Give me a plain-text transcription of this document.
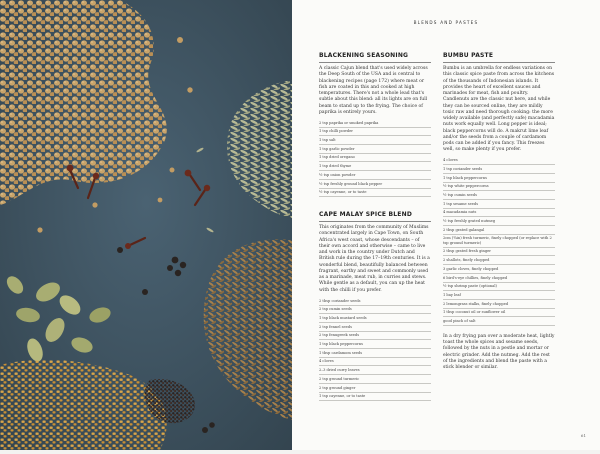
BLENDS AND PASTES
BLACKENING SEASONING

A classic Cajun blend that's used widely across the Deep South of the USA and is central to blackening recipes (page 172) where meat or fish are coated in this and cooked at high temperatures. There's not a whole lead that's subtle about this blend: all its lights are on full beam to stand up to the frying. The choice of paprika is entirely yours.

2 tsp paprika or smoked paprika
1 tsp chilli powder
1 tsp salt
1 tsp garlic powder
1 tsp dried oregano
1 tsp dried thyme
½ tsp onion powder
½ tsp freshly ground black pepper
½ tsp cayenne, or to taste
CAPE MALAY SPICE BLEND

This originates from the community of Muslims concentrated largely in Cape Town, on South Africa's west coast, whose descendants – of their own accord and otherwise – came to live and work in the country under Dutch and British rule during the 17–19th centuries. It is a wonderful blend, beautifully balanced between fragrant, earthy and sweet and commonly used as a marinade, meat rub, in curries and stews. While gentle as a default, you can up the heat with the chilli if you prefer.

2 tbsp coriander seeds
2 tsp cumin seeds
1 tsp black mustard seeds
2 tsp fennel seeds
2 tsp fenugreek seeds
1 tsp black peppercorns
1 tbsp cardamom seeds
4 cloves
2–3 dried curry leaves
2 tsp ground turmeric
2 tsp ground ginger
1 tsp cayenne, or to taste
BUMBU PASTE

Bumbu is an umbrella for endless variations on this classic spice paste from across the kitchens of the thousands of Indonesian islands. It provides the heart of excellent sauces and marinades for meat, fish and poultry. Candlenuts are the classic nut here, and while they can be sourced online, they are mildly toxic raw and need thorough cooking: the more widely available (and perfectly safe) macadamia nuts work equally well. Long pepper is ideal; black peppercorns will do. A makrut lime leaf and/or the seeds from a couple of cardamom pods can be added if you fancy. This freezes well, so make plenty if you prefer.

4 cloves
1 tsp coriander seeds
1 tsp black peppercorns
½ tsp white peppercorns
½ tsp cumin seeds
1 tsp sesame seeds
4 macadamia nuts
½ tsp freshly grated nutmeg
2 tbsp grated galangal
2cm (¾in) fresh turmeric, finely chopped (or replace with 2 tsp ground turmeric)
2 tbsp grated fresh ginger
2 shallots, finely chopped
3 garlic cloves, finely chopped
6 bird's-eye chillies, finely chopped
½ tsp shrimp paste (optional)
1 bay leaf
2 lemongrass stalks, finely chopped
1 tbsp coconut oil or sunflower oil
good pinch of salt

In a dry frying pan over a moderate heat, lightly toast the whole spices and sesame seeds, followed by the nuts in a pestle and mortar or electric grinder. Add the nutmeg. Add the rest of the ingredients and blend the paste with a stick blender or similar.

61
